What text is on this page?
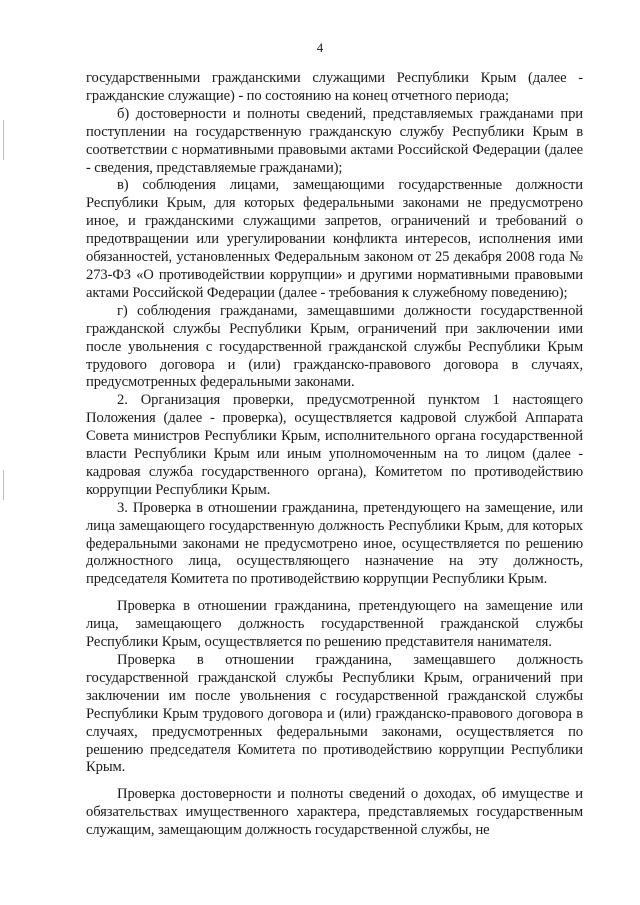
4

государственными гражданскими служащими Республики Крым (далее - гражданские служащие) - по состоянию на конец отчетного периода;

б) достоверности и полноты сведений, представляемых гражданами при поступлении на государственную гражданскую службу Республики Крым в соответствии с нормативными правовыми актами Российской Федерации (далее - сведения, представляемые гражданами);

в) соблюдения лицами, замещающими государственные должности Республики Крым, для которых федеральными законами не предусмотрено иное, и гражданскими служащими запретов, ограничений и требований о предотвращении или урегулировании конфликта интересов, исполнения ими обязанностей, установленных Федеральным законом от 25 декабря 2008 года № 273-ФЗ «О противодействии коррупции» и другими нормативными правовыми актами Российской Федерации (далее - требования к служебному поведению);

г) соблюдения гражданами, замещавшими должности государственной гражданской службы Республики Крым, ограничений при заключении ими после увольнения с государственной гражданской службы Республики Крым трудового договора и (или) гражданско-правового договора в случаях, предусмотренных федеральными законами.

2. Организация проверки, предусмотренной пунктом 1 настоящего Положения (далее - проверка), осуществляется кадровой службой Аппарата Совета министров Республики Крым, исполнительного органа государственной власти Республики Крым или иным уполномоченным на то лицом (далее - кадровая служба государственного органа), Комитетом по противодействию коррупции Республики Крым.

3. Проверка в отношении гражданина, претендующего на замещение, или лица замещающего государственную должность Республики Крым, для которых федеральными законами не предусмотрено иное, осуществляется по решению должностного лица, осуществляющего назначение на эту должность, председателя Комитета по противодействию коррупции Республики Крым.

Проверка в отношении гражданина, претендующего на замещение или лица, замещающего должность государственной гражданской службы Республики Крым, осуществляется по решению представителя нанимателя.

Проверка в отношении гражданина, замещавшего должность государственной гражданской службы Республики Крым, ограничений при заключении им после увольнения с государственной гражданской службы Республики Крым трудового договора и (или) гражданско-правового договора в случаях, предусмотренных федеральными законами, осуществляется по решению председателя Комитета по противодействию коррупции Республики Крым.

Проверка достоверности и полноты сведений о доходах, об имуществе и обязательствах имущественного характера, представляемых государственным служащим, замещающим должность государственной службы, не
